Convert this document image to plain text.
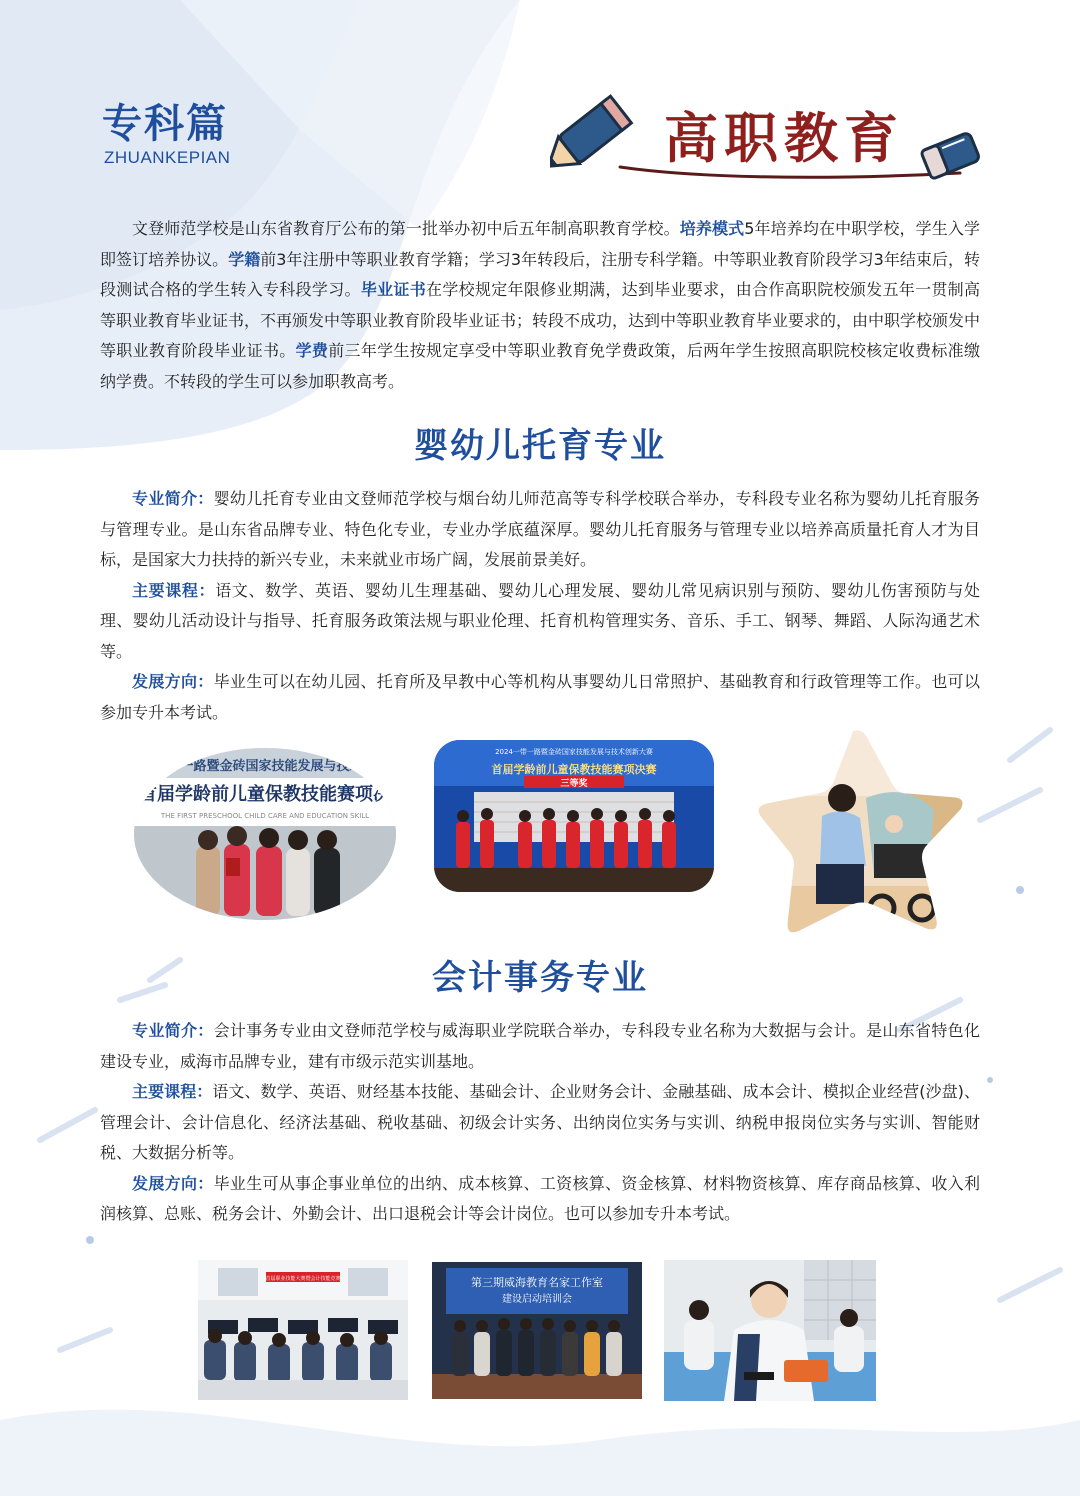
专科篇
ZHUANKEPIAN	高职教育
文登师范学校是山东省教育厅公布的第一批举办初中后五年制高职教育学校。培养模式5年培养均在中职学校，学生入学即签订培养协议。学籍前3年注册中等职业教育学籍；学习3年转段后，注册专科学籍。中等职业教育阶段学习3年结束后，转段测试合格的学生转入专科段学习。毕业证书在学校规定年限修业期满，达到毕业要求，由合作高职院校颁发五年一贯制高等职业教育毕业证书，不再颁发中等职业教育阶段毕业证书；转段不成功，达到中等职业教育毕业要求的，由中职学校颁发中等职业教育阶段毕业证书。学费前三年学生按规定享受中等职业教育免学费政策，后两年学生按照高职院校核定收费标准缴纳学费。不转段的学生可以参加职教高考。
婴幼儿托育专业

专业简介：婴幼儿托育专业由文登师范学校与烟台幼儿师范高等专科学校联合举办，专科段专业名称为婴幼儿托育服务与管理专业。是山东省品牌专业、特色化专业，专业办学底蕴深厚。婴幼儿托育服务与管理专业以培养高质量托育人才为目标，是国家大力扶持的新兴专业，未来就业市场广阔，发展前景美好。

主要课程：语文、数学、英语、婴幼儿生理基础、婴幼儿心理发展、婴幼儿常见病识别与预防、婴幼儿伤害预防与处理、婴幼儿活动设计与指导、托育服务政策法规与职业伦理、托育机构管理实务、音乐、手工、钢琴、舞蹈、人际沟通艺术等。

发展方向：毕业生可以在幼儿园、托育所及早教中心等机构从事婴幼儿日常照护、基础教育和行政管理等工作。也可以参加专升本考试。

带一路暨金砖国家技能发展与技术
首届学龄前儿童保教技能赛项决
THE FIRST PRESCHOOL CHILD CARE AND EDUCATION SKILL
2024一带一路暨金砖国家技能发展与技术创新大赛
首届学龄前儿童保教技能赛项决赛
三等奖
会计事务专业

专业简介：会计事务专业由文登师范学校与威海职业学院联合举办，专科段专业名称为大数据与会计。是山东省特色化建设专业，威海市品牌专业，建有市级示范实训基地。

主要课程：语文、数学、英语、财经基本技能、基础会计、企业财务会计、金融基础、成本会计、模拟企业经营(沙盘)、管理会计、会计信息化、经济法基础、税收基础、初级会计实务、出纳岗位实务与实训、纳税申报岗位实务与实训、智能财税、大数据分析等。

发展方向：毕业生可从事企事业单位的出纳、成本核算、工资核算、资金核算、材料物资核算、库存商品核算、收入利润核算、总账、税务会计、外勤会计、出口退税会计等会计岗位。也可以参加专升本考试。

首届职业技能大赛暨会计技能竞赛	第三期威海教育名家工作室
建设启动培训会
